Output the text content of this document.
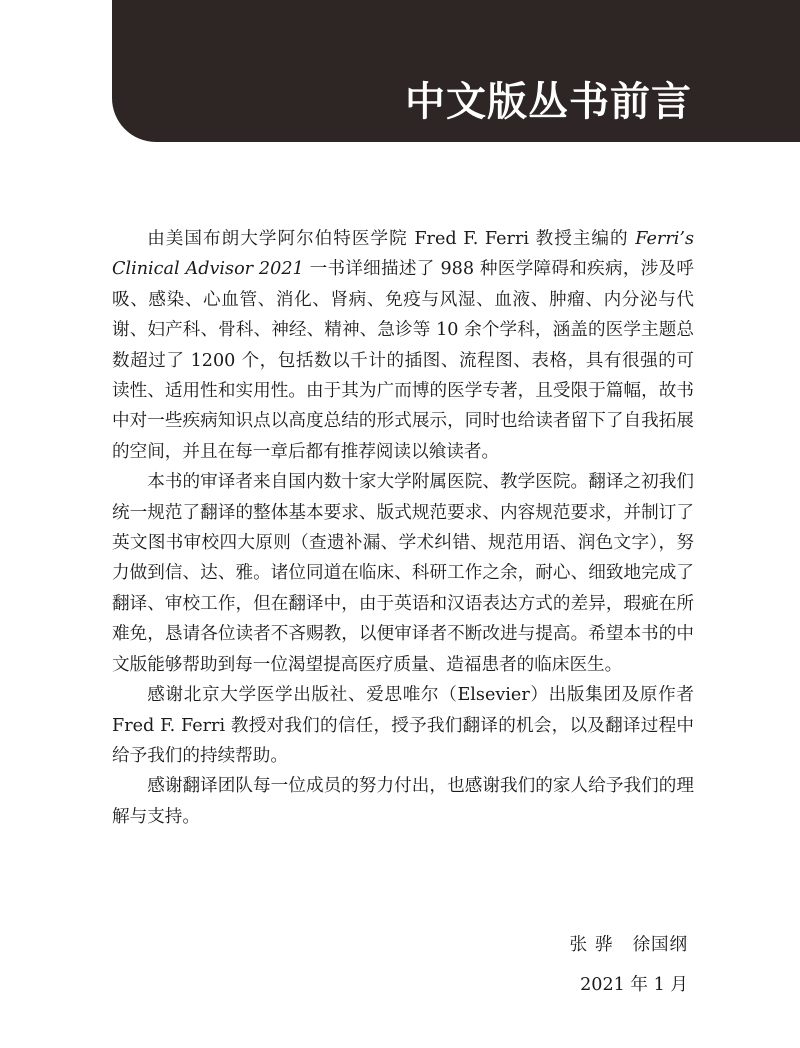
中文版丛书前言

由美国布朗大学阿尔伯特医学院 Fred F. Ferri 教授主编的 Ferri’s Clinical Advisor 2021 一书详细描述了 988 种医学障碍和疾病，涉及呼吸、感染、心血管、消化、肾病、免疫与风湿、血液、肿瘤、内分泌与代谢、妇产科、骨科、神经、精神、急诊等 10 余个学科，涵盖的医学主题总数超过了 1200 个，包括数以千计的插图、流程图、表格，具有很强的可读性、适用性和实用性。由于其为广而博的医学专著，且受限于篇幅，故书中对一些疾病知识点以高度总结的形式展示，同时也给读者留下了自我拓展的空间，并且在每一章后都有推荐阅读以飨读者。

本书的审译者来自国内数十家大学附属医院、教学医院。翻译之初我们统一规范了翻译的整体基本要求、版式规范要求、内容规范要求，并制订了英文图书审校四大原则（查遗补漏、学术纠错、规范用语、润色文字），努力做到信、达、雅。诸位同道在临床、科研工作之余，耐心、细致地完成了翻译、审校工作，但在翻译中，由于英语和汉语表达方式的差异，瑕疵在所难免，恳请各位读者不吝赐教，以便审译者不断改进与提高。希望本书的中文版能够帮助到每一位渴望提高医疗质量、造福患者的临床医生。

感谢北京大学医学出版社、爱思唯尔（Elsevier）出版集团及原作者 Fred F. Ferri 教授对我们的信任，授予我们翻译的机会，以及翻译过程中给予我们的持续帮助。

感谢翻译团队每一位成员的努力付出，也感谢我们的家人给予我们的理解与支持。

张骅 徐国纲
2021 年 1 月
